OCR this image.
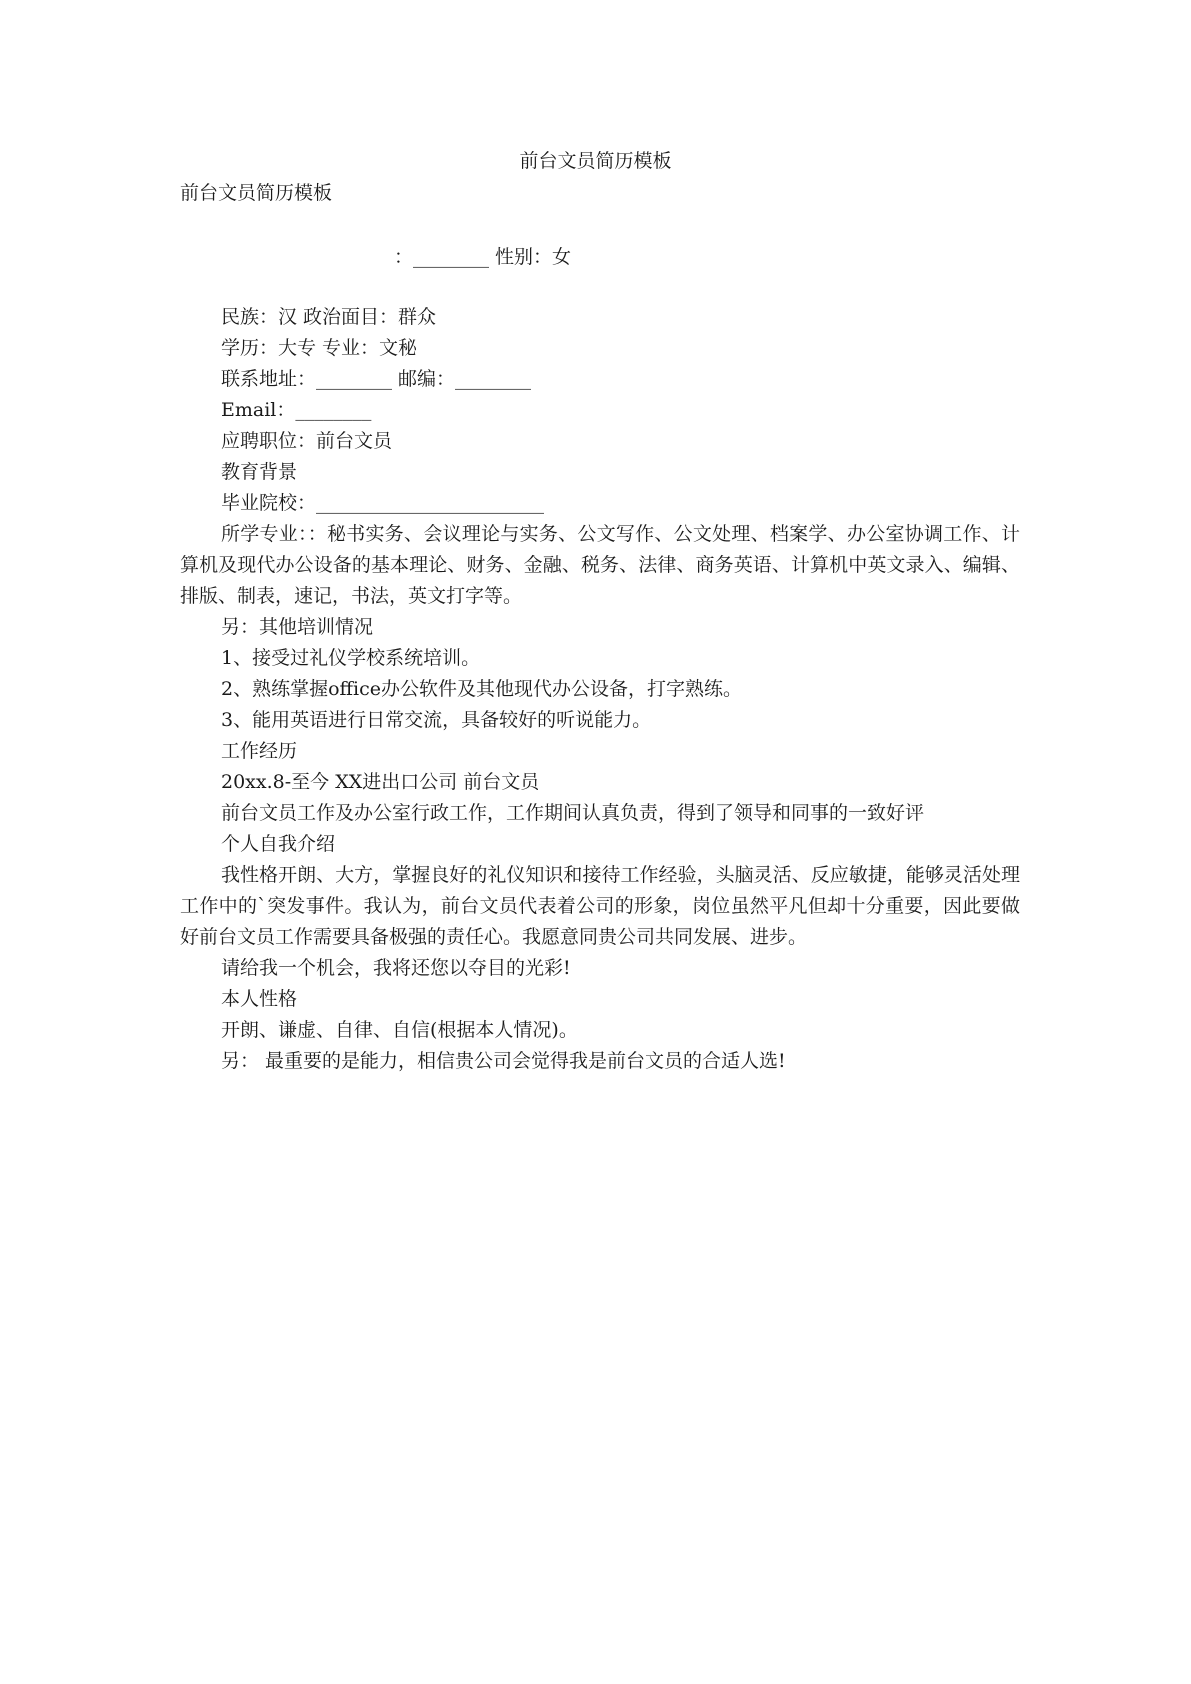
前台文员简历模板
前台文员简历模板
：________ 性别：女

民族：汉 政治面目：群众

学历：大专 专业：文秘

联系地址：________ 邮编：________

Email：________

应聘职位：前台文员

教育背景

毕业院校：________________________

所学专业：：秘书实务、会议理论与实务、公文写作、公文处理、档案学、办公室协调工作、计算机及现代办公设备的基本理论、财务、金融、税务、法律、商务英语、计算机中英文录入、编辑、排版、制表，速记，书法，英文打字等。

另：其他培训情况

1、接受过礼仪学校系统培训。

2、熟练掌握office办公软件及其他现代办公设备，打字熟练。

3、能用英语进行日常交流，具备较好的听说能力。

工作经历

20xx.8-至今 XX进出口公司 前台文员

前台文员工作及办公室行政工作，工作期间认真负责，得到了领导和同事的一致好评

个人自我介绍

我性格开朗、大方，掌握良好的礼仪知识和接待工作经验，头脑灵活、反应敏捷，能够灵活处理工作中的`突发事件。我认为，前台文员代表着公司的形象，岗位虽然平凡但却十分重要，因此要做好前台文员工作需要具备极强的责任心。我愿意同贵公司共同发展、进步。

请给我一个机会，我将还您以夺目的光彩!

本人性格

开朗、谦虚、自律、自信(根据本人情况)。

另： 最重要的是能力，相信贵公司会觉得我是前台文员的合适人选!
